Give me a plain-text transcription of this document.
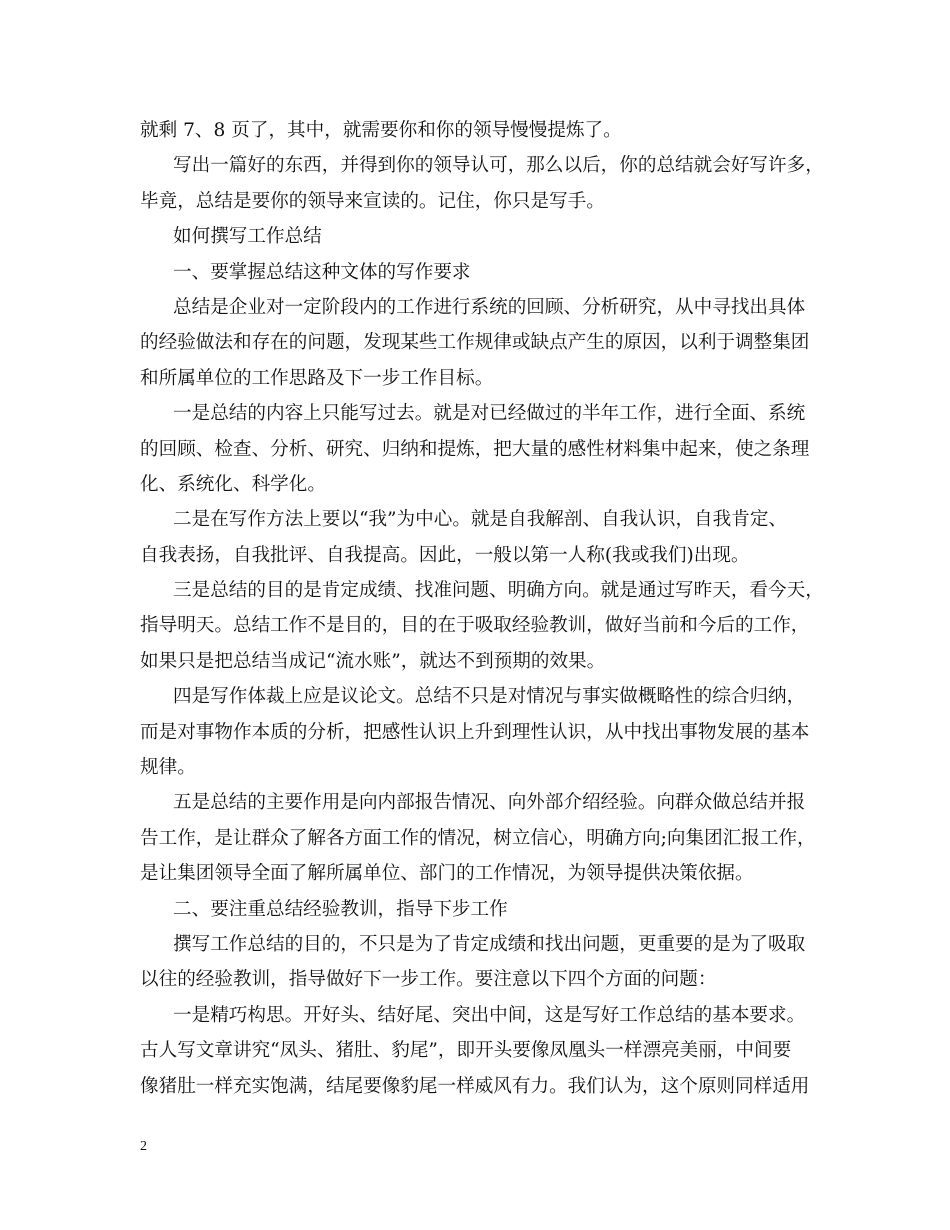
就剩 7、8 页了，其中，就需要你和你的领导慢慢提炼了。
写出一篇好的东西，并得到你的领导认可，那么以后，你的总结就会好写许多，
毕竟，总结是要你的领导来宣读的。记住，你只是写手。
如何撰写工作总结
一、要掌握总结这种文体的写作要求
总结是企业对一定阶段内的工作进行系统的回顾、分析研究，从中寻找出具体
的经验做法和存在的问题，发现某些工作规律或缺点产生的原因，以利于调整集团
和所属单位的工作思路及下一步工作目标。
一是总结的内容上只能写过去。就是对已经做过的半年工作，进行全面、系统
的回顾、检查、分析、研究、归纳和提炼，把大量的感性材料集中起来，使之条理
化、系统化、科学化。
二是在写作方法上要以“我”为中心。就是自我解剖、自我认识，自我肯定、
自我表扬，自我批评、自我提高。因此，一般以第一人称(我或我们)出现。
三是总结的目的是肯定成绩、找准问题、明确方向。就是通过写昨天，看今天，
指导明天。总结工作不是目的，目的在于吸取经验教训，做好当前和今后的工作，
如果只是把总结当成记“流水账”，就达不到预期的效果。
四是写作体裁上应是议论文。总结不只是对情况与事实做概略性的综合归纳，
而是对事物作本质的分析，把感性认识上升到理性认识，从中找出事物发展的基本
规律。
五是总结的主要作用是向内部报告情况、向外部介绍经验。向群众做总结并报
告工作，是让群众了解各方面工作的情况，树立信心，明确方向;向集团汇报工作，
是让集团领导全面了解所属单位、部门的工作情况，为领导提供决策依据。
二、要注重总结经验教训，指导下步工作
撰写工作总结的目的，不只是为了肯定成绩和找出问题，更重要的是为了吸取
以往的经验教训，指导做好下一步工作。要注意以下四个方面的问题：
一是精巧构思。开好头、结好尾、突出中间，这是写好工作总结的基本要求。
古人写文章讲究“凤头、猪肚、豹尾”，即开头要像凤凰头一样漂亮美丽，中间要
像猪肚一样充实饱满，结尾要像豹尾一样威风有力。我们认为，这个原则同样适用
2
